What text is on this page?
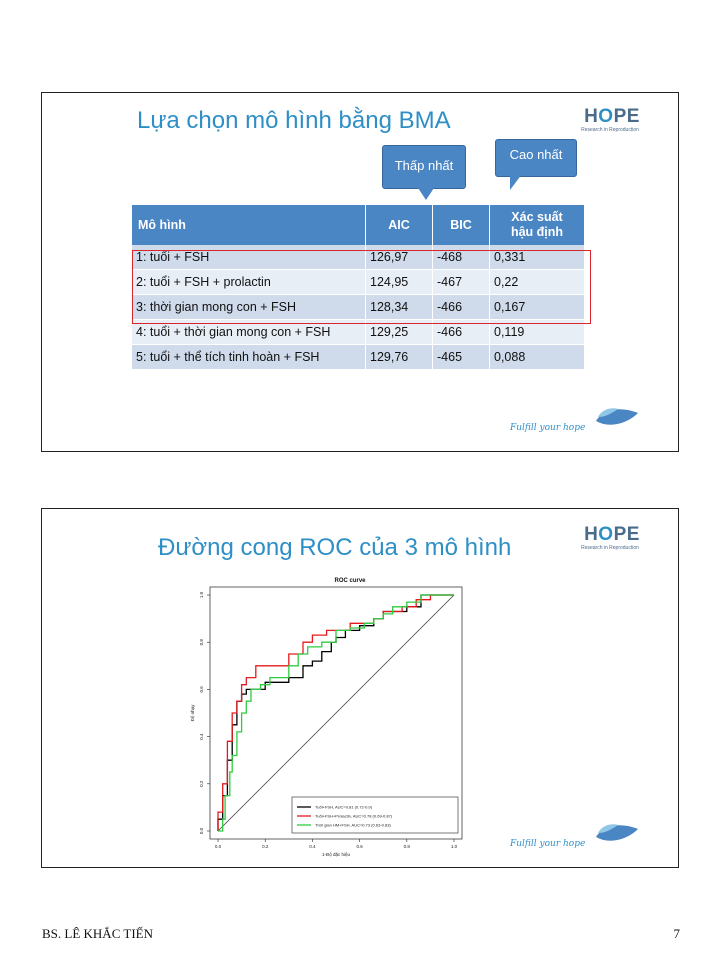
Lựa chọn mô hình bằng BMA	HOPE
Research in Reproduction
Thấp nhất
Cao nhất
Mô hình	AIC	BIC	Xác suất
hậu định
1: tuổi + FSH	126,97	-468	0,331
2: tuổi + FSH + prolactin	124,95	-467	0,22
3: thời gian mong con + FSH	128,34	-466	0,167
4: tuổi + thời gian mong con + FSH	129,25	-466	0,119
5: tuổi + thể tích tinh hoàn + FSH	129,76	-465	0,088
Fulfill your hope
Đường cong ROC của 3 mô hình	HOPE
Research in Reproduction
ROC curve
0.0	0.2	0.4	0.6	0.8	1.0
0.0
0.2
0.4
0.6
0.8
1.0
1-Độ đặc hiệu
Độ nhạy
Tuổi+FSH, AUC=0.81 (0.72-0.9)
Tuổi+FSH+Prolactin, AUC=0.78 (0.69-0.87)
Thời gian HM+FSH, AUC=0.73 (0.63-0.83)
Fulfill your hope
BS. LÊ KHẮC TIẾN	7
